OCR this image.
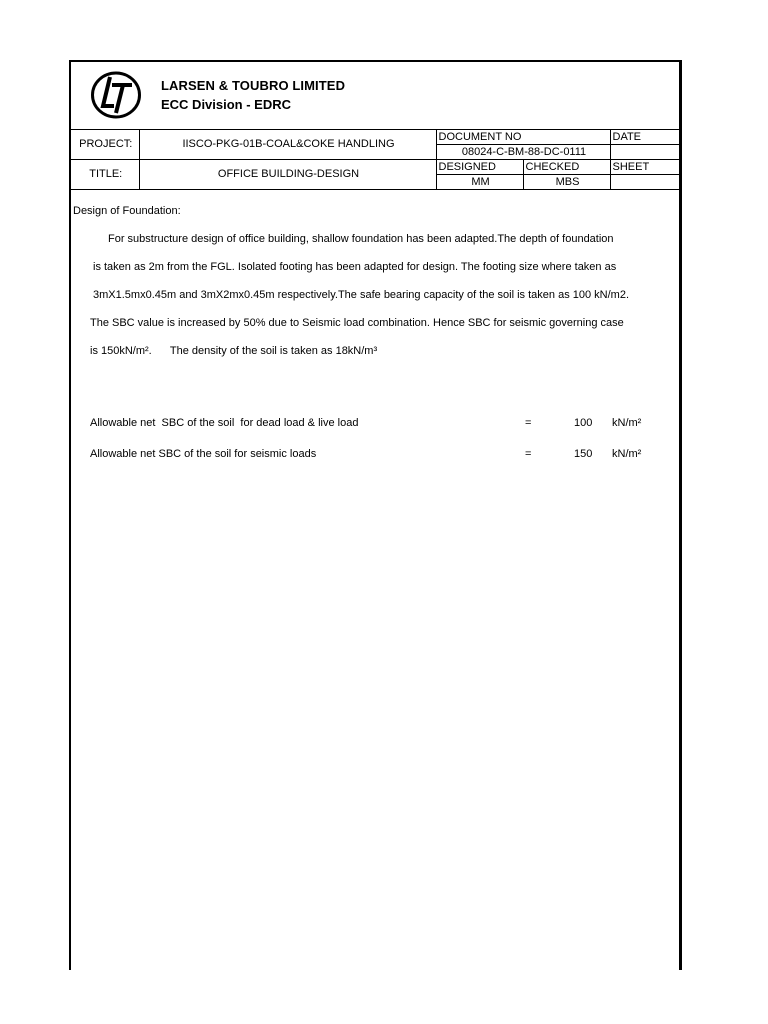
LARSEN & TOUBRO LIMITED
ECC Division - EDRC
PROJECT:	IISCO-PKG-01B-COAL&COKE HANDLING	DOCUMENT NO		DATE
		08024-C-BM-88-DC-0111		
TITLE:	OFFICE BUILDING-DESIGN	DESIGNED	CHECKED	SHEET
		MM	MBS	
Design of Foundation:
For substructure design of office building, shallow foundation has been adapted.The depth of foundation
is taken as 2m from the FGL. Isolated footing has been adapted for design. The footing size where taken as
3mX1.5mx0.45m and 3mX2mx0.45m respectively.The safe bearing capacity of the soil is taken as 100 kN/m2.
The SBC value is increased by 50% due to Seismic load combination. Hence SBC for seismic governing case
is 150kN/m².      The density of the soil is taken as 18kN/m³
Allowable net  SBC of the soil  for dead load & live load	=	100 kN/m²
Allowable net SBC of the soil for seismic loads	=	150 kN/m²
